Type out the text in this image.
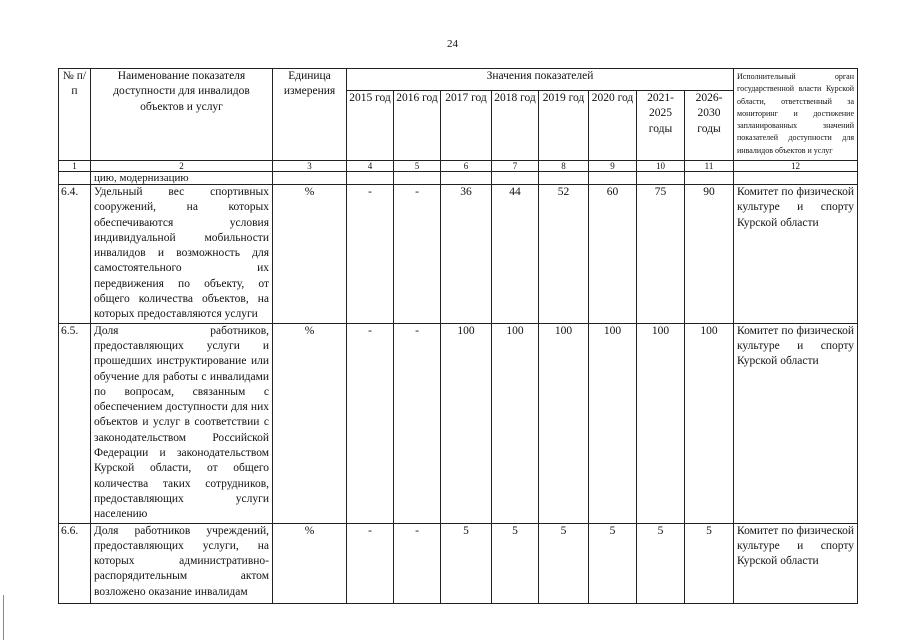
24
№ п/п	Наименование показателя доступности для инвалидов объектов и услуг	Единица измерения	Значения показателей								Исполнительный орган государственной власти Курской области, ответственный за мониторинг и достижение запланированных значений показателей доступности для инвалидов объектов и услуг
			2015 год	2016 год	2017 год	2018 год	2019 год	2020 год	2021-2025 годы	2026-2030 годы	
1	2	3	4	5	6	7	8	9	10	11	12
	цию, модернизацию										
6.4.	Удельный вес спортивных сооружений, на которых обеспечиваются условия индивидуальной мобильности инвалидов и возможность для самостоятельного их передвижения по объекту, от общего количества объектов, на которых предоставляются услуги	%	-	-	36	44	52	60	75	90	Комитет по физической культуре и спорту Курской области
6.5.	Доля работников, предоставляющих услуги и прошедших инструктирование или обучение для работы с инвалидами по вопросам, связанным с обеспечением доступности для них объектов и услуг в соответствии с законодательством Российской Федерации и законодательством Курской области, от общего количества таких сотрудников, предоставляющих услуги населению	%	-	-	100	100	100	100	100	100	Комитет по физической культуре и спорту Курской области
6.6.	Доля работников учреждений, предоставляющих услуги, на которых административно-распорядительным актом возложено оказание инвалидам	%	-	-	5	5	5	5	5	5	Комитет по физической культуре и спорту Курской области
